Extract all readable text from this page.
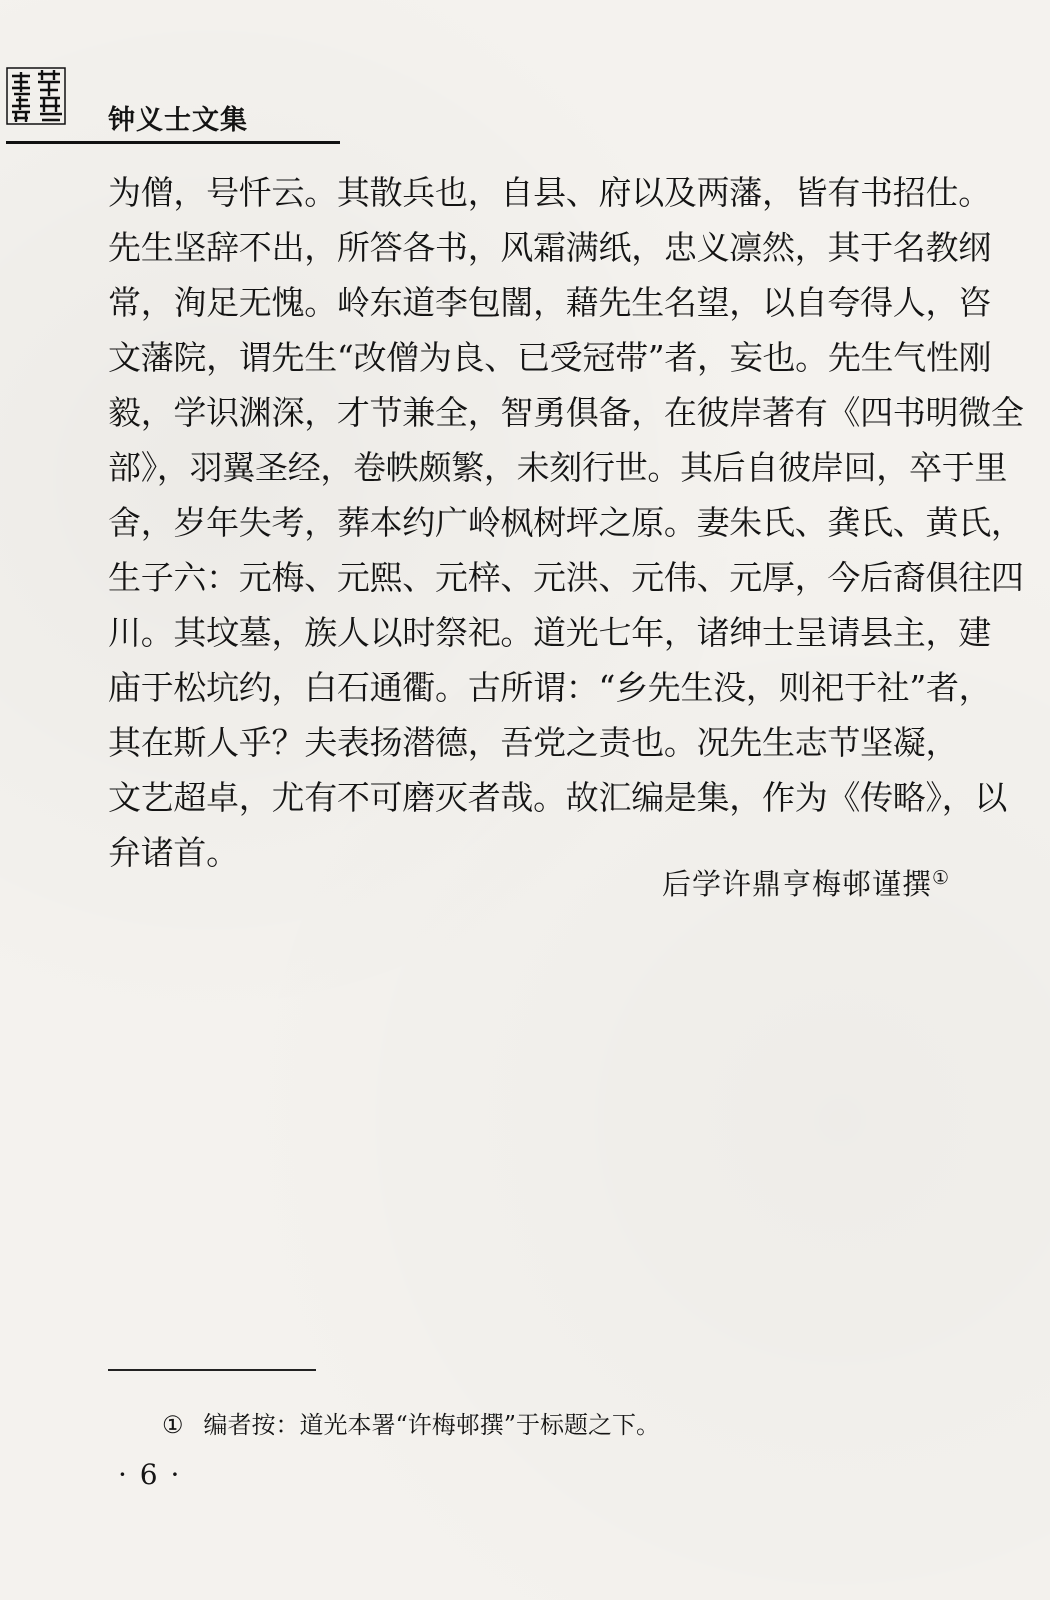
钟义士文集
为僧，号忏云。其散兵也，自县、府以及两藩，皆有书招仕。
先生坚辞不出，所答各书，风霜满纸，忠义凛然，其于名教纲
常，洵足无愧。岭东道李包闇，藉先生名望，以自夸得人，咨
文藩院，谓先生“改僧为良、已受冠带”者，妄也。先生气性刚
毅，学识渊深，才节兼全，智勇俱备，在彼岸著有《四书明微全
部》，羽翼圣经，卷帙颇繁，未刻行世。其后自彼岸回，卒于里
舍，岁年失考，葬本约广岭枫树坪之原。妻朱氏、龚氏、黄氏，
生子六：元梅、元熙、元梓、元洪、元伟、元厚，今后裔俱往四
川。其坟墓，族人以时祭祀。道光七年，诸绅士呈请县主，建
庙于松坑约，白石通衢。古所谓：“乡先生没，则祀于社”者，
其在斯人乎？夫表扬潜德，吾党之责也。况先生志节坚凝，
文艺超卓，尤有不可磨灭者哉。故汇编是集，作为《传略》，以
弁诸首。
后学许鼎亨梅邨谨撰①
① 编者按：道光本署“许梅邨撰”于标题之下。
· 6 ·
